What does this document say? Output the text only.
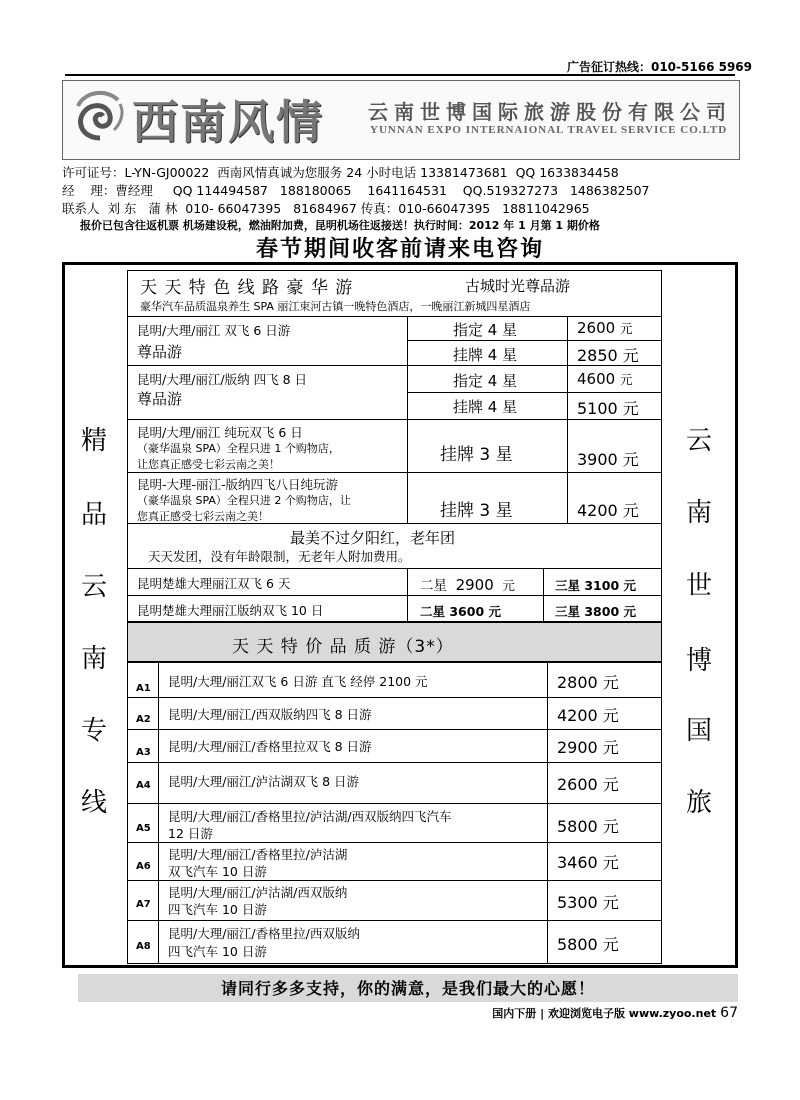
广告征订热线：010-5166 5969
西南风情 云南世博国际旅游股份有限公司
YUNNAN EXPO INTERNAIONAL TRAVEL SERVICE CO.LTD
许可证号：L-YN-GJ00022  西南风情真诚为您服务 24 小时电话 13381473681  QQ 1633834458
经    理：曹经理     QQ 114494587   188180065    1641164531    QQ.519327273   1486382507
联系人  刘 东   蒲 林  010- 66047395   81684967 传真：010-66047395   18811042965
报价已包含往返机票 机场建设税，燃油附加费，昆明机场往返接送！执行时间：2012 年 1 月第 1 期价格
春节期间收客前请来电咨询
精
品
云
南
专
线
云
南
世
博
国
旅
天 天 特 色 线 路 豪 华 游	古城时光尊品游
豪华汽车品质温泉养生 SPA 丽江束河古镇一晚特色酒店，一晚丽江新城四星酒店
昆明/大理/丽江 双飞 6 日游
尊品游
指定 4 星	2600 元
挂牌 4 星	2850 元
昆明/大理/丽江/版纳 四飞 8 日
尊品游
指定 4 星	4600 元
挂牌 4 星	5100 元
昆明/大理/丽江 纯玩双飞 6 日
（豪华温泉 SPA）全程只进 1 个购物店，
让您真正感受七彩云南之美！	挂牌 3 星	3900 元
昆明-大理-丽江-版纳四飞八日纯玩游
（豪华温泉 SPA）全程只进 2 个购物店，让
您真正感受七彩云南之美！	挂牌 3 星	4200 元
最美不过夕阳红，老年团
天天发团，没有年龄限制，无老年人附加费用。
昆明楚雄大理丽江双飞 6 天	二星 2900 元	三星 3100 元
昆明楚雄大理丽江版纳双飞 10 日	二星 3600 元	三星 3800 元
天 天 特 价 品 质 游（3*）
A1 昆明/大理/丽江双飞 6 日游 直飞 经停 2100 元	2800 元
A2 昆明/大理/丽江/西双版纳四飞 8 日游	4200 元
A3 昆明/大理/丽江/香格里拉双飞 8 日游	2900 元
A4 昆明/大理/丽江/泸沽湖双飞 8 日游	2600 元
A5
昆明/大理/丽江/香格里拉/泸沽湖/西双版纳四飞汽车
12 日游	5800 元
A6
昆明/大理/丽江/香格里拉/泸沽湖
双飞汽车 10 日游	3460 元
A7
昆明/大理/丽江/泸沽湖/西双版纳
四飞汽车 10 日游	5300 元
A8
昆明/大理/丽江/香格里拉/西双版纳
四飞汽车 10 日游	5800 元
请同行多多支持，你的满意，是我们最大的心愿！
国内下册 | 欢迎浏览电子版 www.zyoo.net 67
